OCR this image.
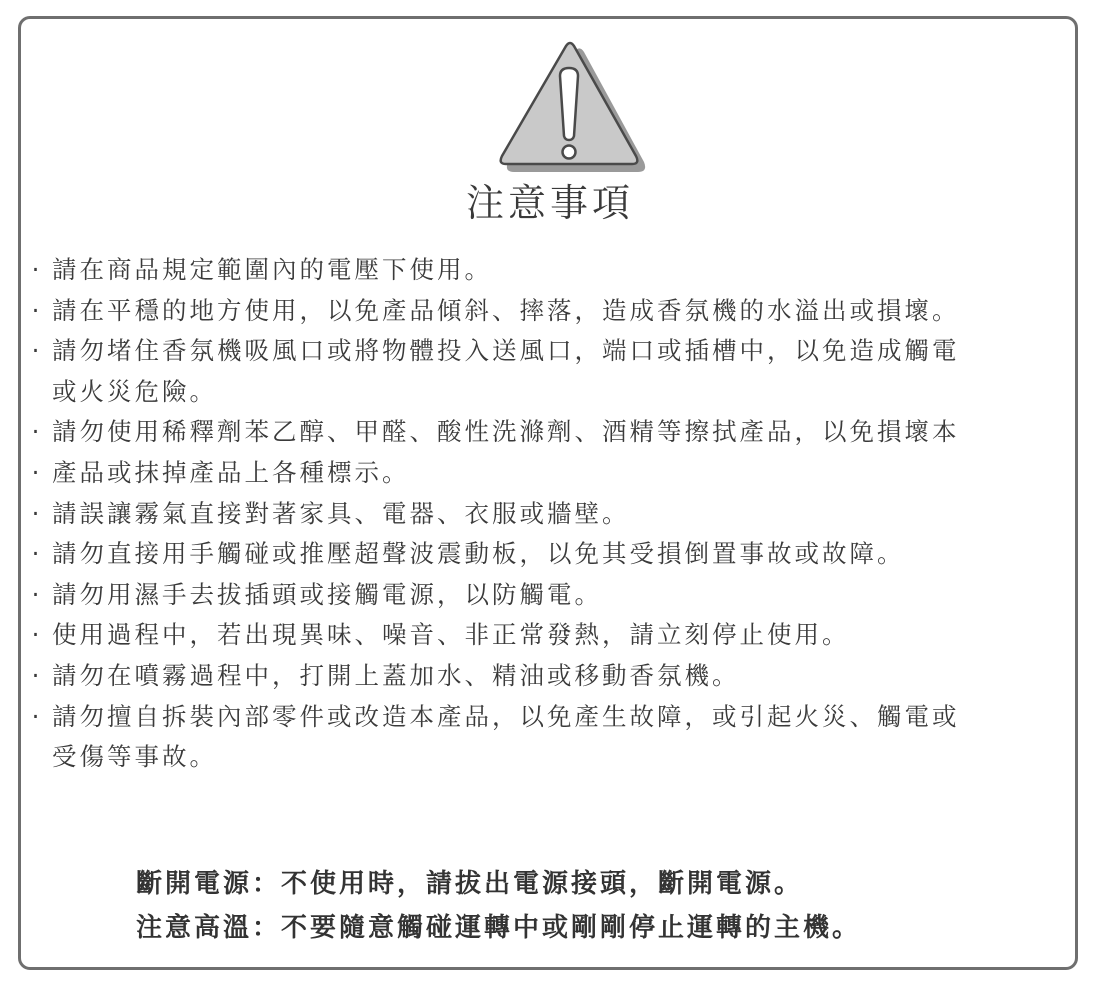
注意事項
· 請在商品規定範圍內的電壓下使用。
· 請在平穩的地方使用，以免產品傾斜、摔落，造成香氛機的水溢出或損壞。
· 請勿堵住香氛機吸風口或將物體投入送風口，端口或插槽中，以免造成觸電
或火災危險。
· 請勿使用稀釋劑苯乙醇、甲醛、酸性洗滌劑、酒精等擦拭產品，以免損壞本
· 產品或抹掉產品上各種標示。
· 請誤讓霧氣直接對著家具、電器、衣服或牆壁。
· 請勿直接用手觸碰或推壓超聲波震動板，以免其受損倒置事故或故障。
· 請勿用濕手去拔插頭或接觸電源，以防觸電。
· 使用過程中，若出現異味、噪音、非正常發熱，請立刻停止使用。
· 請勿在噴霧過程中，打開上蓋加水、精油或移動香氛機。
· 請勿擅自拆裝內部零件或改造本產品，以免產生故障，或引起火災、觸電或
受傷等事故。
斷開電源：不使用時，請拔出電源接頭，斷開電源。
注意高溫：不要隨意觸碰運轉中或剛剛停止運轉的主機。
